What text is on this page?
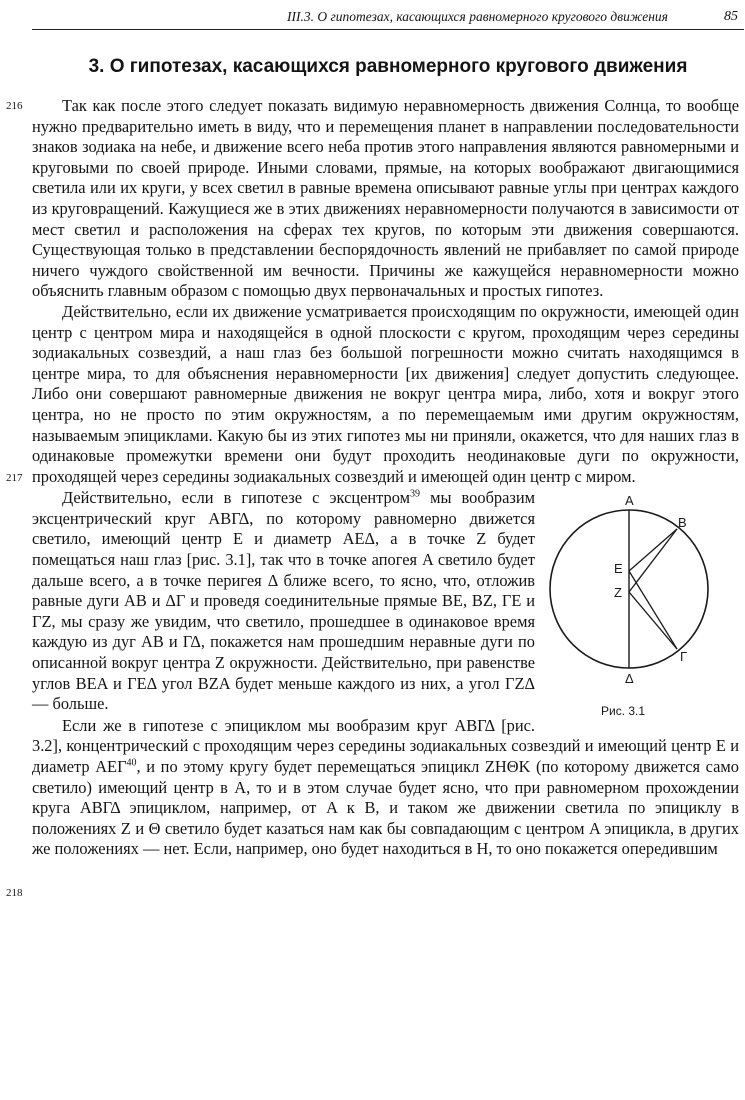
III.3. О гипотезах, касающихся равномерного кругового движения	85
3. О гипотезах, касающихся равномерного кругового движения
216
217
218

Так как после этого следует показать видимую неравномерность движения Солнца, то вообще нужно предварительно иметь в виду, что и перемещения планет в направлении последовательности знаков зодиака на небе, и движение всего неба против этого направления являются равномерными и круговыми по своей природе. Иными словами, прямые, на которых воображают двигающимися светила или их круги, у всех светил в равные времена описывают равные углы при центрах каждого из круговращений. Кажущиеся же в этих движениях неравномерности получаются в зависимости от мест светил и расположения на сферах тех кругов, по которым эти движения совершаются. Существующая только в представлении беспорядочность явлений не прибавляет по самой природе ничего чуждого свойственной им вечности. Причины же кажущейся неравномерности можно объяснить главным образом с помощью двух первоначальных и простых гипотез.

Действительно, если их движение усматривается происходящим по окружности, имеющей один центр с центром мира и находящейся в одной плоскости с кругом, проходящим через середины зодиакальных созвездий, а наш глаз без большой погрешности можно считать находящимся в центре мира, то для объяснения неравномерности [их движения] следует допустить следующее. Либо они совершают равномерные движения не вокруг центра мира, либо, хотя и вокруг этого центра, но не просто по этим окружностям, а по перемещаемым ими другим окружностям, называемым эпициклами. Какую бы из этих гипотез мы ни приняли, окажется, что для наших глаз в одинаковые промежутки времени они будут проходить неодинаковые дуги по окружности, проходящей через середины зодиакальных созвездий и имеющей один центр с миром.

Α
Β
Ε
Ζ
Γ
Δ
Рис. 3.1

Действительно, если в гипотезе с эксцентром$^{39}$ мы вообразим эксцентрический круг ΑΒΓΔ, по которому равномерно движется светило, имеющий центр Ε и диаметр ΑΕΔ, а в точке Ζ будет помещаться наш глаз [рис. 3.1], так что в точке апогея Α светило будет дальше всего, а в точке перигея Δ ближе всего, то ясно, что, отложив равные дуги ΑΒ и ΔΓ и проведя соединительные прямые ΒΕ, ΒΖ, ΓΕ и ΓΖ, мы сразу же увидим, что светило, прошедшее в одинаковое время каждую из дуг ΑΒ и ΓΔ, покажется нам прошедшим неравные дуги по описанной вокруг центра Ζ окружности. Действительно, при равенстве углов ΒΕΑ и ΓΕΔ угол ΒΖΑ будет меньше каждого из них, а угол ΓΖΔ — больше.

Если же в гипотезе с эпициклом мы вообразим круг ΑΒΓΔ [рис. 3.2], концентрический с проходящим через середины зодиакальных созвездий и имеющий центр Ε и диаметр ΑΕΓ$^{40}$, и по этому кругу будет перемещаться эпицикл ΖΗΘΚ (по которому движется само светило) имеющий центр в Α, то и в этом случае будет ясно, что при равномерном прохождении круга ΑΒΓΔ эпициклом, например, от Α к Β, и таком же движении светила по эпициклу в положениях Ζ и Θ светило будет казаться нам как бы совпадающим с центром Α эпицикла, в других же положениях — нет. Если, например, оно будет находиться в Η, то оно покажется опередившим
